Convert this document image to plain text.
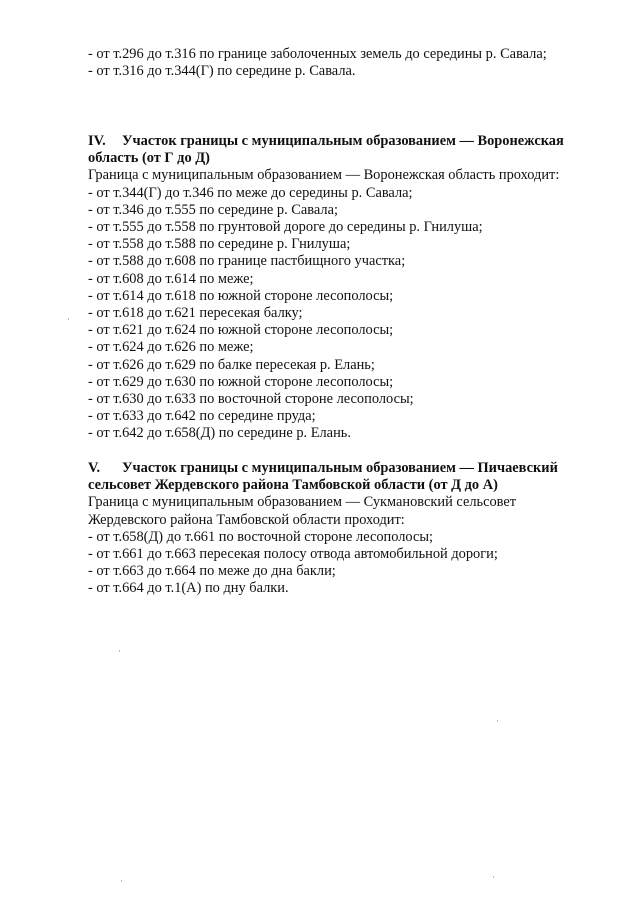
- от т.296 до т.316 по границе заболоченных земель до середины р. Савала;
- от т.316 до т.344(Г) по середине р. Савала.
IV. Участок границы с муниципальным образованием — Воронежская
область (от Г до Д)
Граница с муниципальным образованием — Воронежская область проходит:
- от т.344(Г) до т.346 по меже до середины р. Савала;
- от т.346 до т.555 по середине р. Савала;
- от т.555 до т.558 по грунтовой дороге до середины р. Гнилуша;
- от т.558 до т.588 по середине р. Гнилуша;
- от т.588 до т.608 по границе пастбищного участка;
- от т.608 до т.614 по меже;
- от т.614 до т.618 по южной стороне лесополосы;
- от т.618 до т.621 пересекая балку;
- от т.621 до т.624 по южной стороне лесополосы;
- от т.624 до т.626 по меже;
- от т.626 до т.629 по балке пересекая р. Елань;
- от т.629 до т.630 по южной стороне лесополосы;
- от т.630 до т.633 по восточной стороне лесополосы;
- от т.633 до т.642 по середине пруда;
- от т.642 до т.658(Д) по середине р. Елань.
V. Участок границы с муниципальным образованием — Пичаевский
сельсовет Жердевского района Тамбовской области (от Д до А)
Граница с муниципальным образованием — Сукмановский сельсовет
Жердевского района Тамбовской области проходит:
- от т.658(Д) до т.661 по восточной стороне лесополосы;
- от т.661 до т.663 пересекая полосу отвода автомобильной дороги;
- от т.663 до т.664 по меже до дна бакли;
- от т.664 до т.1(А) по дну балки.
